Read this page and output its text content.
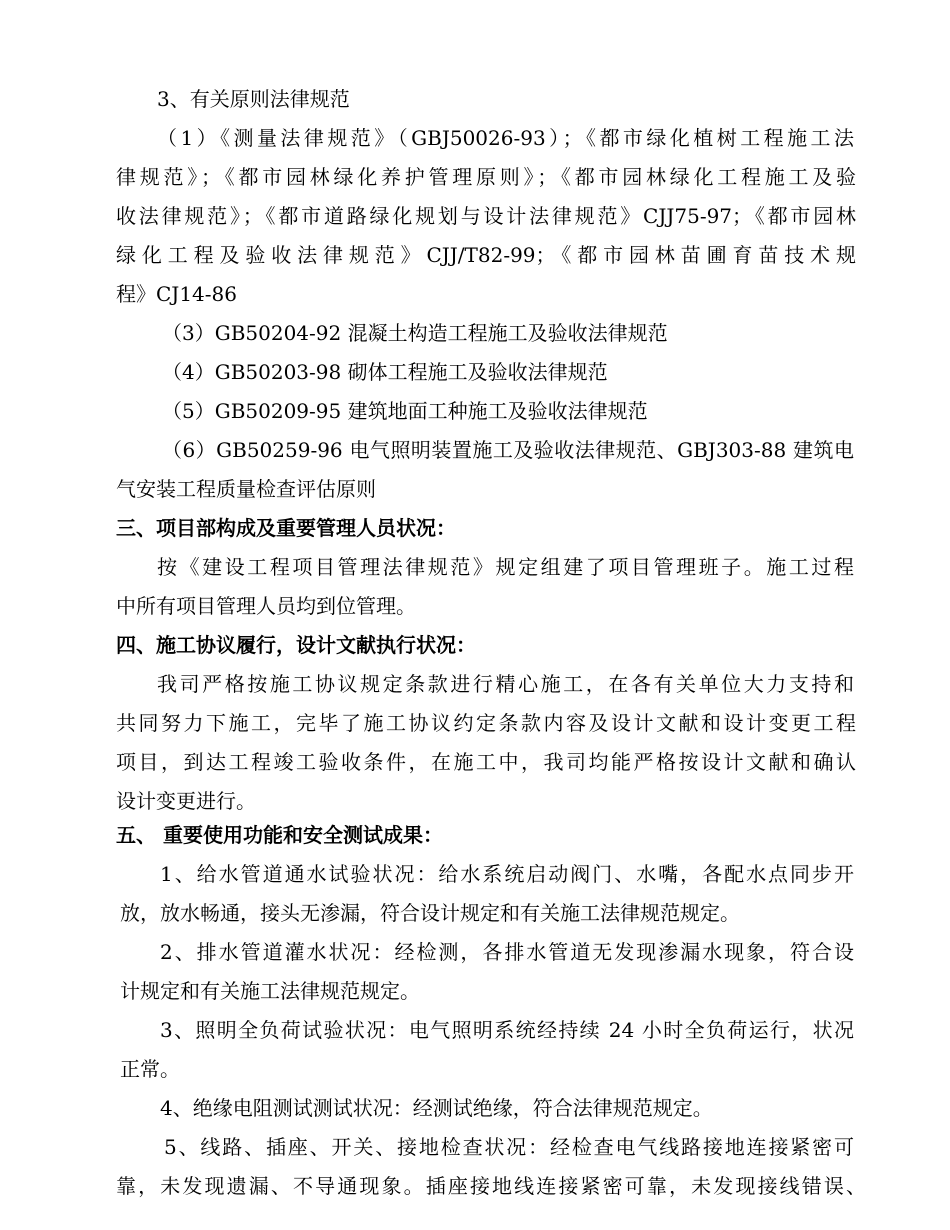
3、有关原则法律规范
（1）《测量法律规范》（GBJ50026-93）；《都市绿化植树工程施工法
律规范》；《都市园林绿化养护管理原则》；《都市园林绿化工程施工及验
收法律规范》；《都市道路绿化规划与设计法律规范》CJJ75-97；《都市园林
绿化工程及验收法律规范》CJJ/T82-99；《都市园林苗圃育苗技术规
程》CJ14-86
（3）GB50204-92 混凝土构造工程施工及验收法律规范
（4）GB50203-98 砌体工程施工及验收法律规范
（5）GB50209-95 建筑地面工种施工及验收法律规范
（6）GB50259-96 电气照明装置施工及验收法律规范、GBJ303-88 建筑电
气安装工程质量检查评估原则
三、项目部构成及重要管理人员状况：
按《建设工程项目管理法律规范》规定组建了项目管理班子。施工过程
中所有项目管理人员均到位管理。
四、施工协议履行，设计文献执行状况：
我司严格按施工协议规定条款进行精心施工，在各有关单位大力支持和
共同努力下施工，完毕了施工协议约定条款内容及设计文献和设计变更工程
项目，到达工程竣工验收条件，在施工中，我司均能严格按设计文献和确认
设计变更进行。
五、 重要使用功能和安全测试成果：
1、给水管道通水试验状况：给水系统启动阀门、水嘴，各配水点同步开
放，放水畅通，接头无渗漏，符合设计规定和有关施工法律规范规定。
2、排水管道灌水状况：经检测，各排水管道无发现渗漏水现象，符合设
计规定和有关施工法律规范规定。
3、照明全负荷试验状况：电气照明系统经持续 24 小时全负荷运行，状况
正常。
4、绝缘电阻测试测试状况：经测试绝缘，符合法律规范规定。
5、线路、插座、开关、接地检查状况：经检查电气线路接地连接紧密可
靠，未发现遗漏、不导通现象。插座接地线连接紧密可靠，未发现接线错误、
